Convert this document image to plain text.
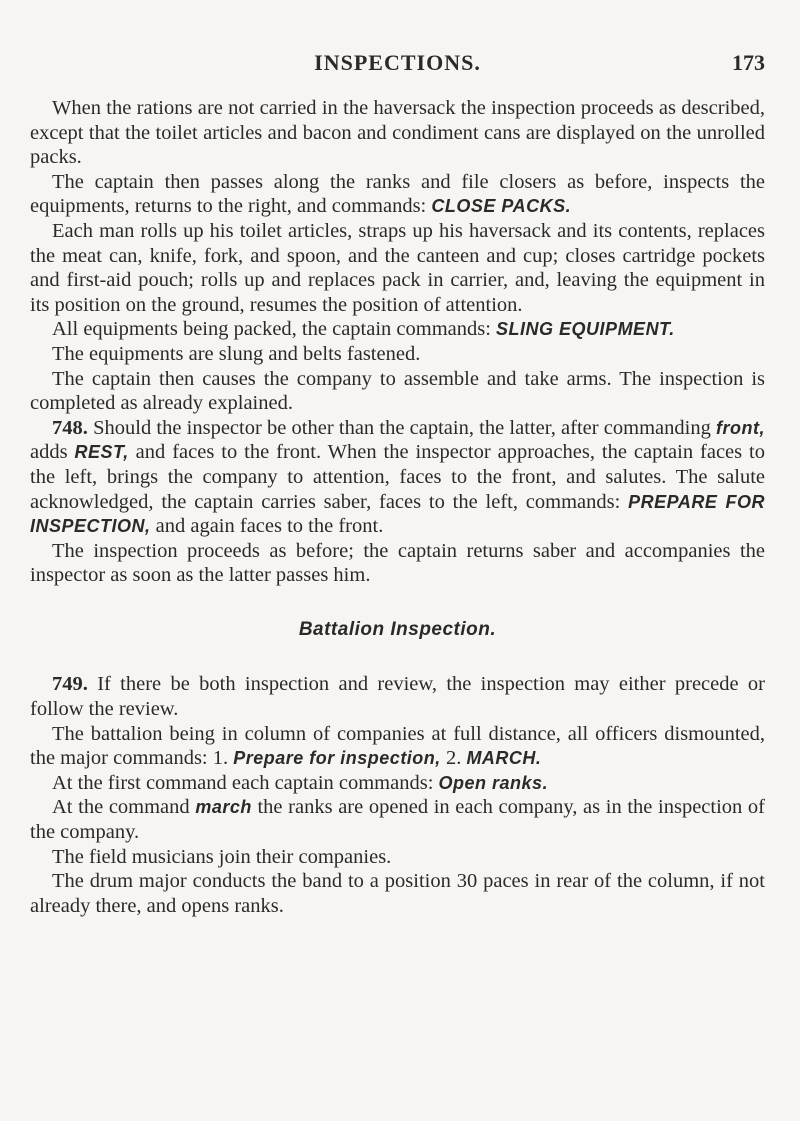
INSPECTIONS.	173

When the rations are not carried in the haversack the inspection proceeds as described, except that the toilet articles and bacon and condiment cans are displayed on the unrolled packs.

The captain then passes along the ranks and file closers as before, inspects the equipments, returns to the right, and commands: CLOSE PACKS.

Each man rolls up his toilet articles, straps up his haversack and its contents, replaces the meat can, knife, fork, and spoon, and the canteen and cup; closes cartridge pockets and first-aid pouch; rolls up and replaces pack in carrier, and, leaving the equipment in its position on the ground, resumes the position of attention.

All equipments being packed, the captain commands: SLING EQUIPMENT.

The equipments are slung and belts fastened.

The captain then causes the company to assemble and take arms. The inspection is completed as already explained.

748. Should the inspector be other than the captain, the latter, after commanding front, adds REST, and faces to the front. When the inspector approaches, the captain faces to the left, brings the company to attention, faces to the front, and salutes. The salute acknowledged, the captain carries saber, faces to the left, commands: PREPARE FOR INSPECTION, and again faces to the front.

The inspection proceeds as before; the captain returns saber and accompanies the inspector as soon as the latter passes him.

Battalion Inspection.

749. If there be both inspection and review, the inspection may either precede or follow the review.

The battalion being in column of companies at full distance, all officers dismounted, the major commands: 1. Prepare for inspection, 2. MARCH.

At the first command each captain commands: Open ranks.

At the command march the ranks are opened in each company, as in the inspection of the company.

The field musicians join their companies.

The drum major conducts the band to a position 30 paces in rear of the column, if not already there, and opens ranks.
